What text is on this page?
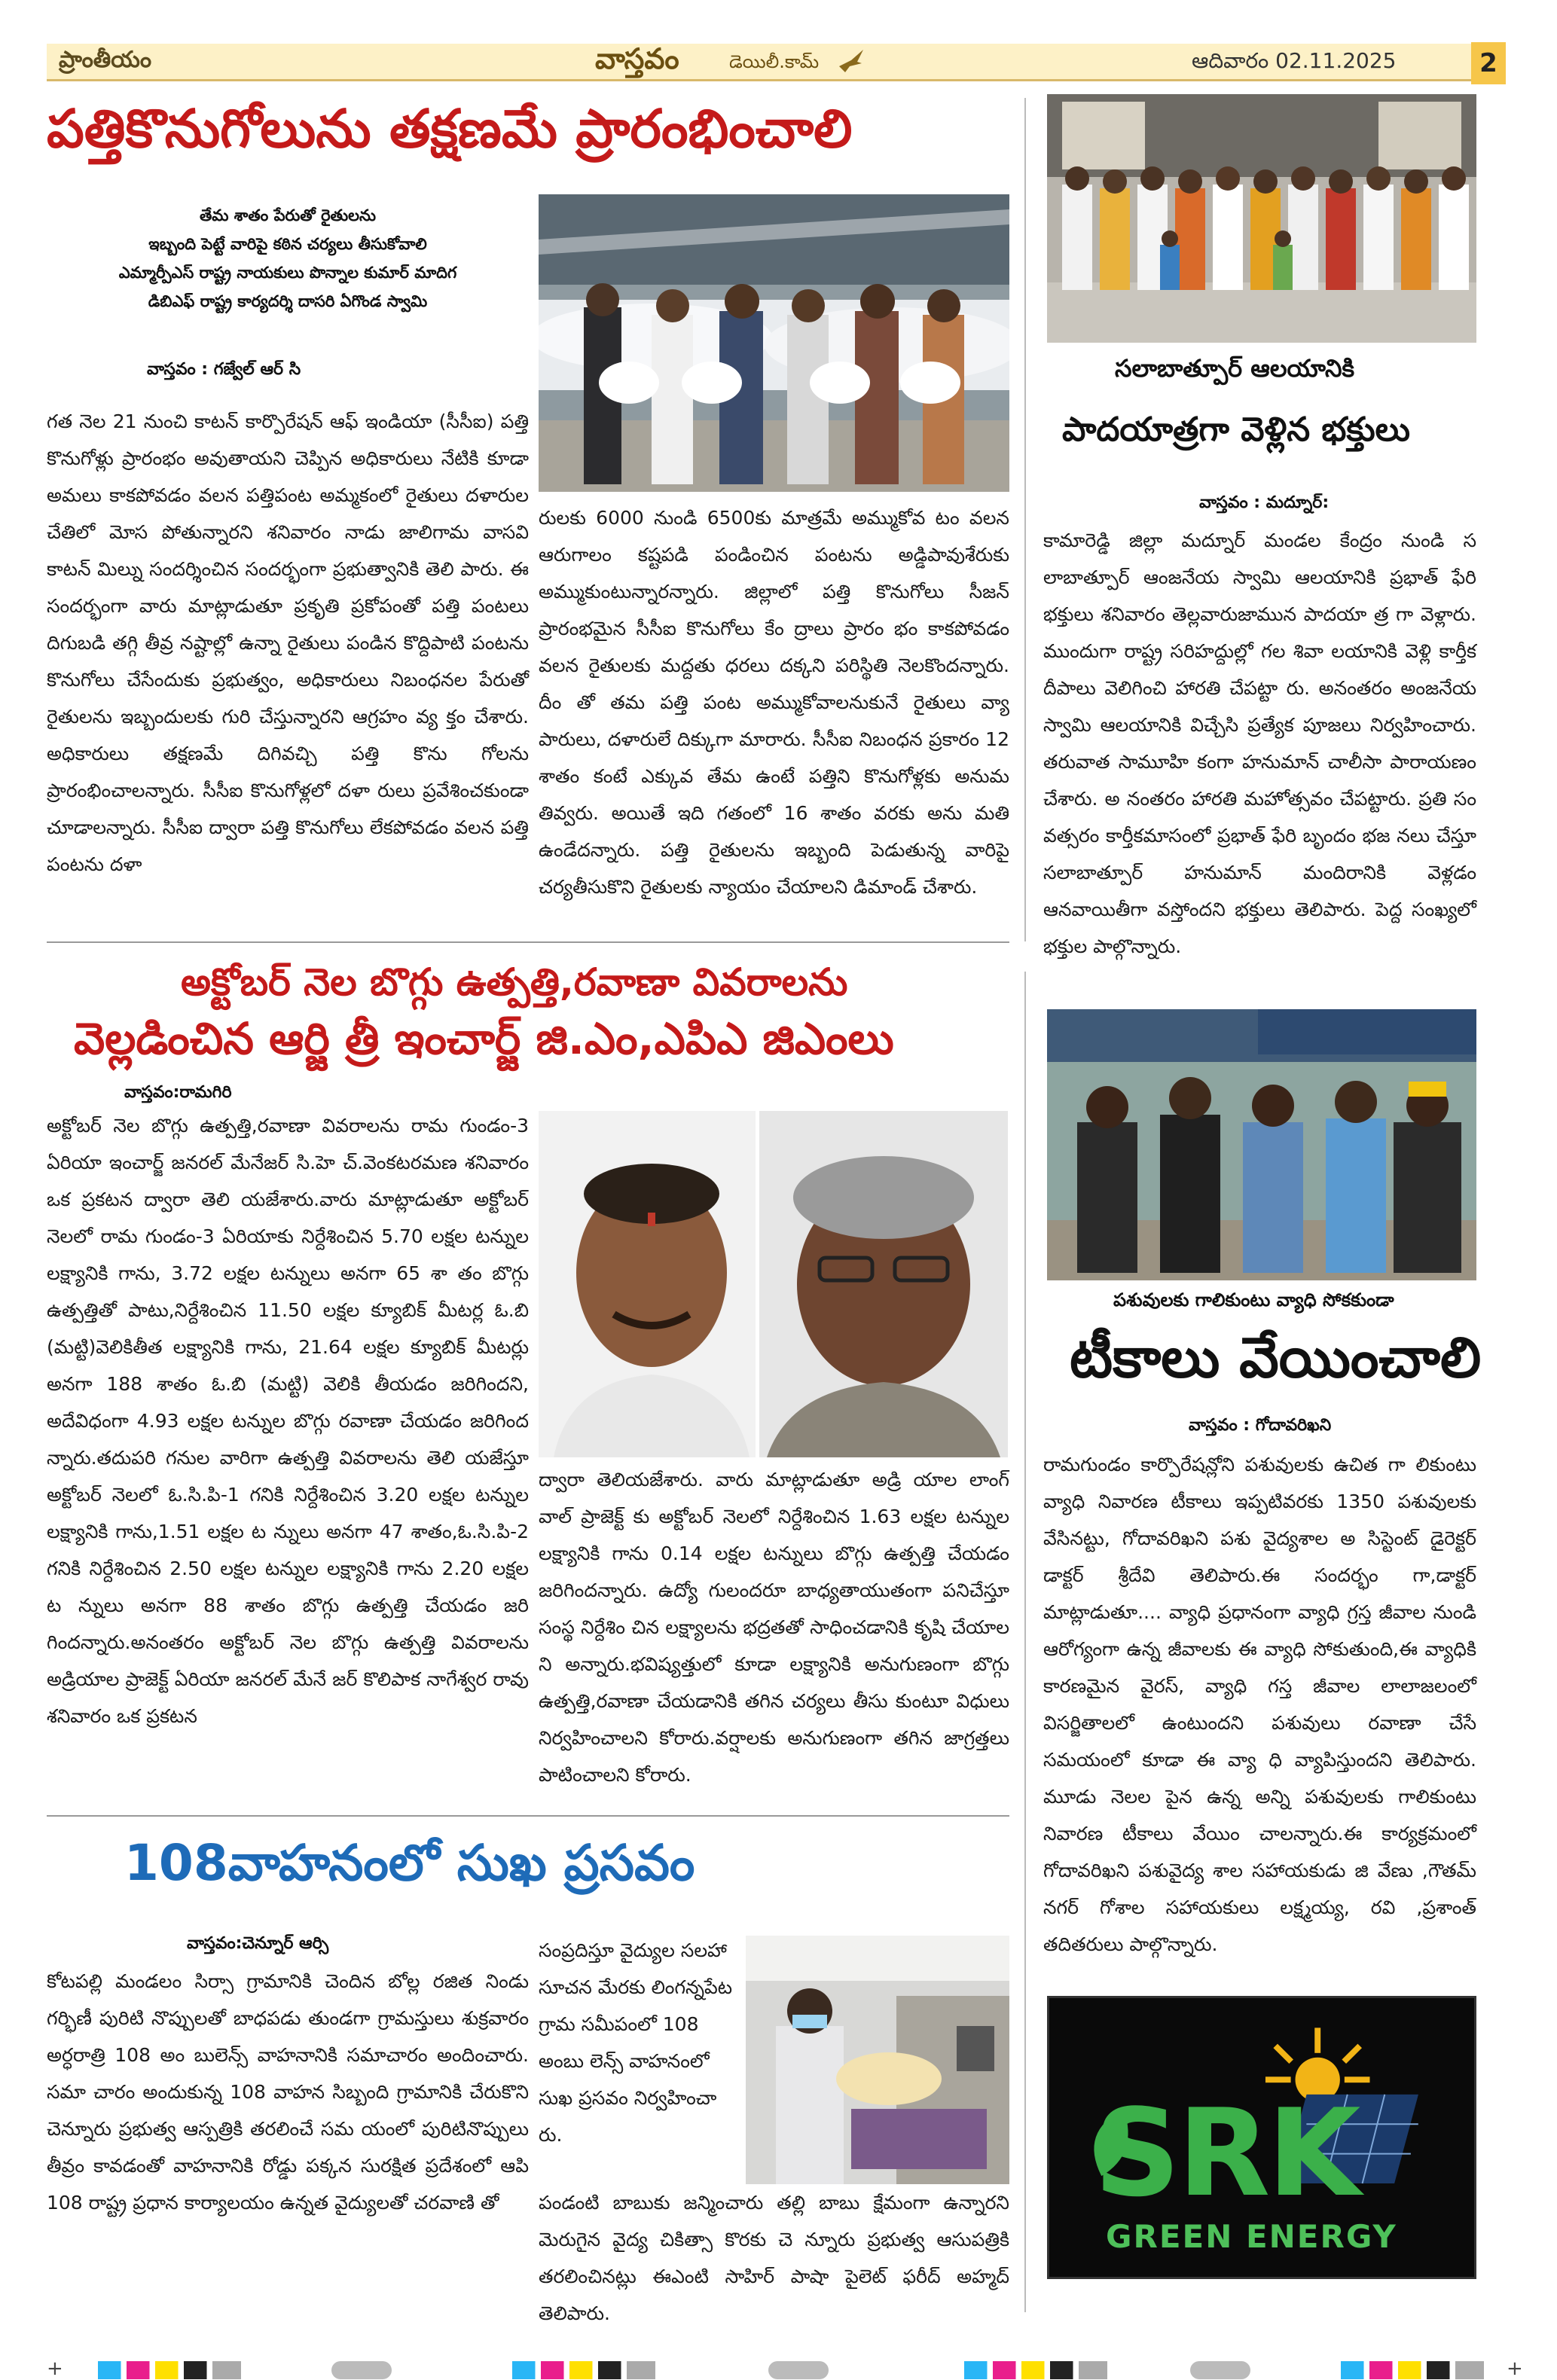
ప్రాంతీయం	వాస్తవం	డెయిలీ.కామ్	ఆదివారం 02.11.2025	2
పత్తికొనుగోలును తక్షణమే ప్రారంభించాలి
తేమ శాతం పేరుతో రైతులను
ఇబ్బంది పెట్టే వారిపై కఠిన చర్యలు తీసుకోవాలి
ఎమ్మార్పీఎస్ రాష్ట్ర నాయకులు పొన్నాల కుమార్ మాదిగ
డిబిఎఫ్ రాష్ట్ర కార్యదర్శి దాసరి ఏగొండ స్వామి
వాస్తవం : గజ్వేల్ ఆర్ సి
గత నెల 21 నుంచి కాటన్ కార్పొరేషన్ ఆఫ్ ఇండియా (సీసీఐ) పత్తి కొనుగోళ్లు ప్రారంభం అవుతాయని చెప్పిన అధికారులు నేటికి కూడా అమలు కాకపోవడం వలన పత్తిపంట అమ్మకంలో రైతులు దళారుల చేతిలో మోస పోతున్నారని శనివారం నాడు జాలిగామ వాసవి కాటన్ మిల్ను సందర్శించిన సందర్భంగా ప్రభుత్వానికి తెలి పారు. ఈ సందర్భంగా వారు మాట్లాడుతూ ప్రకృతి ప్రకోపంతో పత్తి పంటలు దిగుబడి తగ్గి తీవ్ర నష్టాల్లో ఉన్నా రైతులు పండిన కొద్దిపాటి పంటను కొనుగోలు చేసేందుకు ప్రభుత్వం, అధికారులు నిబంధనల పేరుతో రైతులను ఇబ్బందులకు గురి చేస్తున్నారని ఆగ్రహం వ్య క్తం చేశారు. అధికారులు తక్షణమే దిగివచ్చి పత్తి కొను గోలను ప్రారంభించాలన్నారు. సీసీఐ కొనుగోళ్లలో దళా రులు ప్రవేశించకుండా చూడాలన్నారు. సీసీఐ ద్వారా పత్తి కొనుగోలు లేకపోవడం వలన పత్తి పంటను దళా
రులకు 6000 నుండి 6500కు మాత్రమే అమ్ముకోవ టం వలన ఆరుగాలం కష్టపడి పండించిన పంటను అడ్డిపావుశేరుకు అమ్ముకుంటున్నారన్నారు. జిల్లాలో పత్తి కొనుగోలు సీజన్ ప్రారంభమైన సీసీఐ కొనుగోలు కేం ద్రాలు ప్రారం భం కాకపోవడం వలన రైతులకు మద్దతు ధరలు దక్కని పరిస్థితి నెలకొందన్నారు. దీం తో తమ పత్తి పంట అమ్ముకోవాలనుకునే రైతులు వ్యా పారులు, దళారులే దిక్కుగా మారారు. సీసీఐ నిబంధన ప్రకారం 12 శాతం కంటే ఎక్కువ తేమ ఉంటే పత్తిని కొనుగోళ్లకు అనుమ తివ్వరు. అయితే ఇది గతంలో 16 శాతం వరకు అను మతి ఉండేదన్నారు. పత్తి రైతులను ఇబ్బంది పెడుతున్న వారిపై చర్యతీసుకొని రైతులకు న్యాయం చేయాలని డిమాండ్ చేశారు.
సలాబాత్పూర్ ఆలయానికి
పాదయాత్రగా వెళ్లిన భక్తులు
వాస్తవం : మద్నూర్:
కామారెడ్డి జిల్లా మద్నూర్ మండల కేంద్రం నుండి స లాబాత్పూర్ ఆంజనేయ స్వామి ఆలయానికి ప్రభాత్ ఫేరి భక్తులు శనివారం తెల్లవారుజామున పాదయా త్ర గా వెళ్లారు. ముందుగా రాష్ట్ర సరిహద్దుల్లో గల శివా లయానికి వెళ్లి కార్తీక దీపాలు వెలిగించి హారతి చేపట్టా రు. అనంతరం అంజనేయ స్వామి ఆలయానికి విచ్చేసి ప్రత్యేక పూజలు నిర్వహించారు. తరువాత సామూహి కంగా హనుమాన్ చాలీసా పారాయణం చేశారు. అ నంతరం హారతి మహోత్సవం చేపట్టారు. ప్రతి సం వత్సరం కార్తీకమాసంలో ప్రభాత్ ఫేరి బృందం భజ నలు చేస్తూ సలాబాత్పూర్ హనుమాన్ మందిరానికి వెళ్లడం ఆనవాయితీగా వస్తోందని భక్తులు తెలిపారు. పెద్ద సంఖ్యలో భక్తుల పాల్గొన్నారు.
అక్టోబర్ నెల బొగ్గు ఉత్పత్తి,రవాణా వివరాలను
వెల్లడించిన ఆర్జి త్రీ ఇంచార్జ్ జి.ఎం,ఎపిఎ జిఎంలు
వాస్తవం:రామగిరి
అక్టోబర్ నెల బొగ్గు ఉత్పత్తి,రవాణా వివరాలను రామ గుండం-3 ఏరియా ఇంచార్జ్ జనరల్ మేనేజర్ సి.హె చ్.వెంకటరమణ శనివారం ఒక ప్రకటన ద్వారా తెలి యజేశారు.వారు మాట్లాడుతూ అక్టోబర్ నెలలో రామ గుండం-3 ఏరియాకు నిర్దేశించిన 5.70 లక్షల టన్నుల లక్ష్యానికి గాను, 3.72 లక్షల టన్నులు అనగా 65 శా తం బొగ్గు ఉత్పత్తితో పాటు,నిర్దేశించిన 11.50 లక్షల క్యూబిక్ మీటర్ల ఓ.బి (మట్టి)వెలికితీత లక్ష్యానికి గాను, 21.64 లక్షల క్యూబిక్ మీటర్లు అనగా 188 శాతం ఓ.బి (మట్టి) వెలికి తీయడం జరిగిందని, అదేవిధంగా 4.93 లక్షల టన్నుల బొగ్గు రవాణా చేయడం జరిగింద న్నారు.తదుపరి గనుల వారిగా ఉత్పత్తి వివరాలను తెలి యజేస్తూ అక్టోబర్ నెలలో ఓ.సి.పి-1 గనికి నిర్దేశించిన 3.20 లక్షల టన్నుల లక్ష్యానికి గాను,1.51 లక్షల ట న్నులు అనగా 47 శాతం,ఓ.సి.పి-2 గనికి నిర్దేశించిన 2.50 లక్షల టన్నుల లక్ష్యానికి గాను 2.20 లక్షల ట న్నులు అనగా 88 శాతం బొగ్గు ఉత్పత్తి చేయడం జరి గిందన్నారు.అనంతరం అక్టోబర్ నెల బొగ్గు ఉత్పత్తి వివరాలను అడ్రియాల ప్రాజెక్ట్ ఏరియా జనరల్ మేనే జర్ కొలిపాక నాగేశ్వర రావు శనివారం ఒక ప్రకటన
ద్వారా తెలియజేశారు. వారు మాట్లాడుతూ అడ్రి యాల లాంగ్ వాల్ ప్రాజెక్ట్ కు అక్టోబర్ నెలలో నిర్దేశించిన 1.63 లక్షల టన్నుల లక్ష్యానికి గాను 0.14 లక్షల టన్నులు బొగ్గు ఉత్పత్తి చేయడం జరిగిందన్నారు. ఉద్యో గులందరూ బాధ్యతాయుతంగా పనిచేస్తూ సంస్థ నిర్దేశిం చిన లక్ష్యాలను భద్రతతో సాధించడానికి కృషి చేయాల ని అన్నారు.భవిష్యత్తులో కూడా లక్ష్యానికి అనుగుణంగా బొగ్గు ఉత్పత్తి,రవాణా చేయడానికి తగిన చర్యలు తీసు కుంటూ విధులు నిర్వహించాలని కోరారు.వర్షాలకు అనుగుణంగా తగిన జాగ్రత్తలు పాటించాలని కోరారు.
పశువులకు గాలికుంటు వ్యాధి సోకకుండా
టీకాలు వేయించాలి
వాస్తవం : గోదావరిఖని
రామగుండం కార్పొరేషన్లోని పశువులకు ఉచిత గా లికుంటు వ్యాధి నివారణ టీకాలు ఇప్పటివరకు 1350 పశువులకు వేసినట్టు, గోదావరిఖని పశు వైద్యశాల అ సిస్టెంట్ డైరెక్టర్ డాక్టర్ శ్రీదేవి తెలిపారు.ఈ సందర్భం గా,డాక్టర్ మాట్లాడుతూ.... వ్యాధి ప్రధానంగా వ్యాధి గ్రస్త జీవాల నుండి ఆరోగ్యంగా ఉన్న జీవాలకు ఈ వ్యాధి సోకుతుంది,ఈ వ్యాధికి కారణమైన వైరస్, వ్యాధి గస్త జీవాల లాలాజలంలో విసర్జితాలలో ఉంటుందని పశువులు రవాణా చేసే సమయంలో కూడా ఈ వ్యా ధి వ్యాపిస్తుందని తెలిపారు. మూడు నెలల పైన ఉన్న అన్ని పశువులకు గాలికుంటు నివారణ టీకాలు వేయిం చాలన్నారు.ఈ కార్యక్రమంలో గోదావరిఖని పశువైద్య శాల సహాయకుడు జి వేణు ,గౌతమ్ నగర్ గోశాల సహాయకులు లక్ష్మయ్య, రవి ,ప్రశాంత్ తదితరులు పాల్గొన్నారు.
108వాహనంలో సుఖ ప్రసవం
వాస్తవం:చెన్నూర్ ఆర్సి
కోటపల్లి మండలం సిర్సా గ్రామానికి చెందిన బోల్ల రజిత నిండు గర్భిణీ పురిటి నొప్పులతో బాధపడు తుండగా గ్రామస్తులు శుక్రవారం అర్ధరాత్రి 108 అం బులెన్స్ వాహనానికి సమాచారం అందించారు. సమా చారం అందుకున్న 108 వాహన సిబ్బంది గ్రామానికి చేరుకొని చెన్నూరు ప్రభుత్వ ఆస్పత్రికి తరలించే సమ యంలో పురిటినొప్పులు తీవ్రం కావడంతో వాహనానికి రోడ్డు పక్కన సురక్షిత ప్రదేశంలో ఆపి 108 రాష్ట్ర ప్రధాన కార్యాలయం ఉన్నత వైద్యులతో చరవాణి తో
సంప్రదిస్తూ వైద్యుల సలహా సూచన మేరకు లింగన్నపేట గ్రామ సమీపంలో 108 అంబు లెన్స్ వాహనంలో సుఖ ప్రసవం నిర్వహించా రు.
పండంటి బాబుకు జన్మించారు తల్లి బాబు క్షేమంగా ఉన్నారని మెరుగైన వైద్య చికిత్సా కొరకు చె న్నూరు ప్రభుత్వ ఆసుపత్రికి తరలించినట్లు ఈఎంటి సాహిర్ పాషా పైలెట్ ఫరీద్ అహ్మద్ తెలిపారు.
SRK
GREEN ENERGY
+	+
